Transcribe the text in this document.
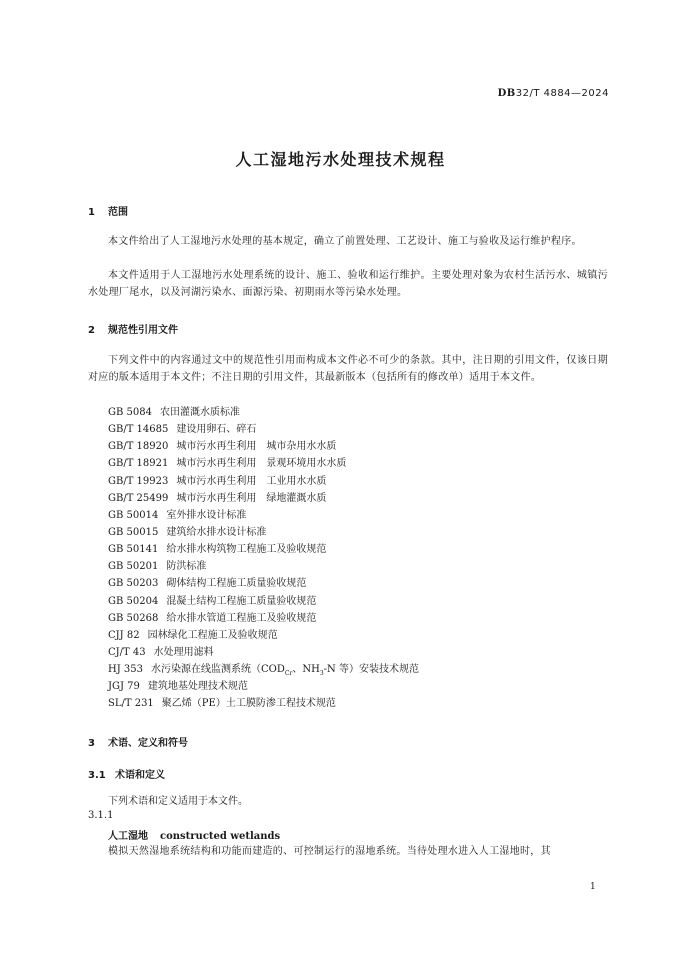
DB32/T 4884—2024
人工湿地污水处理技术规程
1 范围
本文件给出了人工湿地污水处理的基本规定，确立了前置处理、工艺设计、施工与验收及运行维护程序。
本文件适用于人工湿地污水处理系统的设计、施工、验收和运行维护。主要处理对象为农村生活污水、城镇污水处理厂尾水，以及河湖污染水、面源污染、初期雨水等污染水处理。
2 规范性引用文件
下列文件中的内容通过文中的规范性引用而构成本文件必不可少的条款。其中，注日期的引用文件，仅该日期对应的版本适用于本文件；不注日期的引用文件，其最新版本（包括所有的修改单）适用于本文件。
GB 5084 农田灌溉水质标准
GB/T 14685 建设用卵石、碎石
GB/T 18920 城市污水再生利用　城市杂用水水质
GB/T 18921 城市污水再生利用　景观环境用水水质
GB/T 19923 城市污水再生利用　工业用水水质
GB/T 25499 城市污水再生利用　绿地灌溉水质
GB 50014 室外排水设计标准
GB 50015 建筑给水排水设计标准
GB 50141 给水排水构筑物工程施工及验收规范
GB 50201 防洪标准
GB 50203 砌体结构工程施工质量验收规范
GB 50204 混凝土结构工程施工质量验收规范
GB 50268 给水排水管道工程施工及验收规范
CJJ 82 园林绿化工程施工及验收规范
CJ/T 43 水处理用滤料
HJ 353 水污染源在线监测系统（$COD_{Cr}$、$NH_3-N$ 等）安装技术规范
JGJ 79 建筑地基处理技术规范
SL/T 231 聚乙烯（PE）土工膜防渗工程技术规范
3 术语、定义和符号
3.1 术语和定义
下列术语和定义适用于本文件。
3.1.1
人工湿地 constructed wetlands
模拟天然湿地系统结构和功能而建造的、可控制运行的湿地系统。当待处理水进入人工湿地时，其
1
